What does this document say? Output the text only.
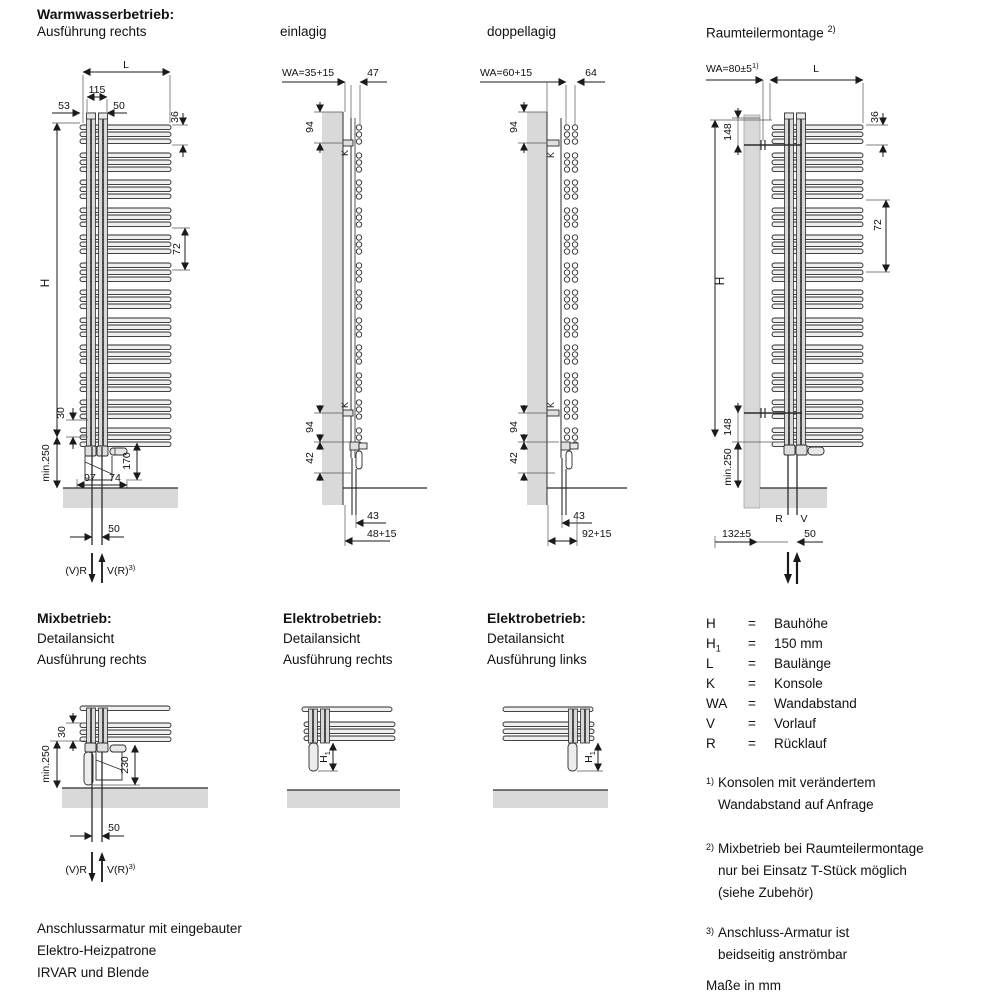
Warmwasserbetrieb:
Ausführung rechts	einlagig	doppellagig	Raumteilermontage $^{2)}$
L
115
53	50
36
72
H
30
min.250	170
97 74
50
(V)R $V(R)^{3)}$
WA=35+15	47
K
94
K
94
42
43
48+15
WA=60+15	64
K
94
K
94
42
43
92+15
$WA=80\pm 5^{1)}$	L
36
72
H
148
148
min.250
R V
132±5	50
Mixbetrieb:
Detailansicht
Ausführung rechts
Elektrobetrieb:
Detailansicht
Ausführung rechts
Elektrobetrieb:
Detailansicht
Ausführung links
30
min.250	230
50
(V)R $V(R)^{3)}$
$H_1$
$H_1$
H	=	Bauhöhe
$H_1$	=	150 mm
L	=	Baulänge
K	=	Konsole
WA	=	Wandabstand
V	=	Vorlauf
R	=	Rücklauf
1) Konsolen mit verändertem
Wandabstand auf Anfrage
2) Mixbetrieb bei Raumteilermontage
nur bei Einsatz T-Stück möglich
(siehe Zubehör)
3) Anschluss-Armatur ist
beidseitig anströmbar
Maße in mm
Anschlussarmatur mit eingebauter
Elektro-Heizpatrone
IRVAR und Blende
